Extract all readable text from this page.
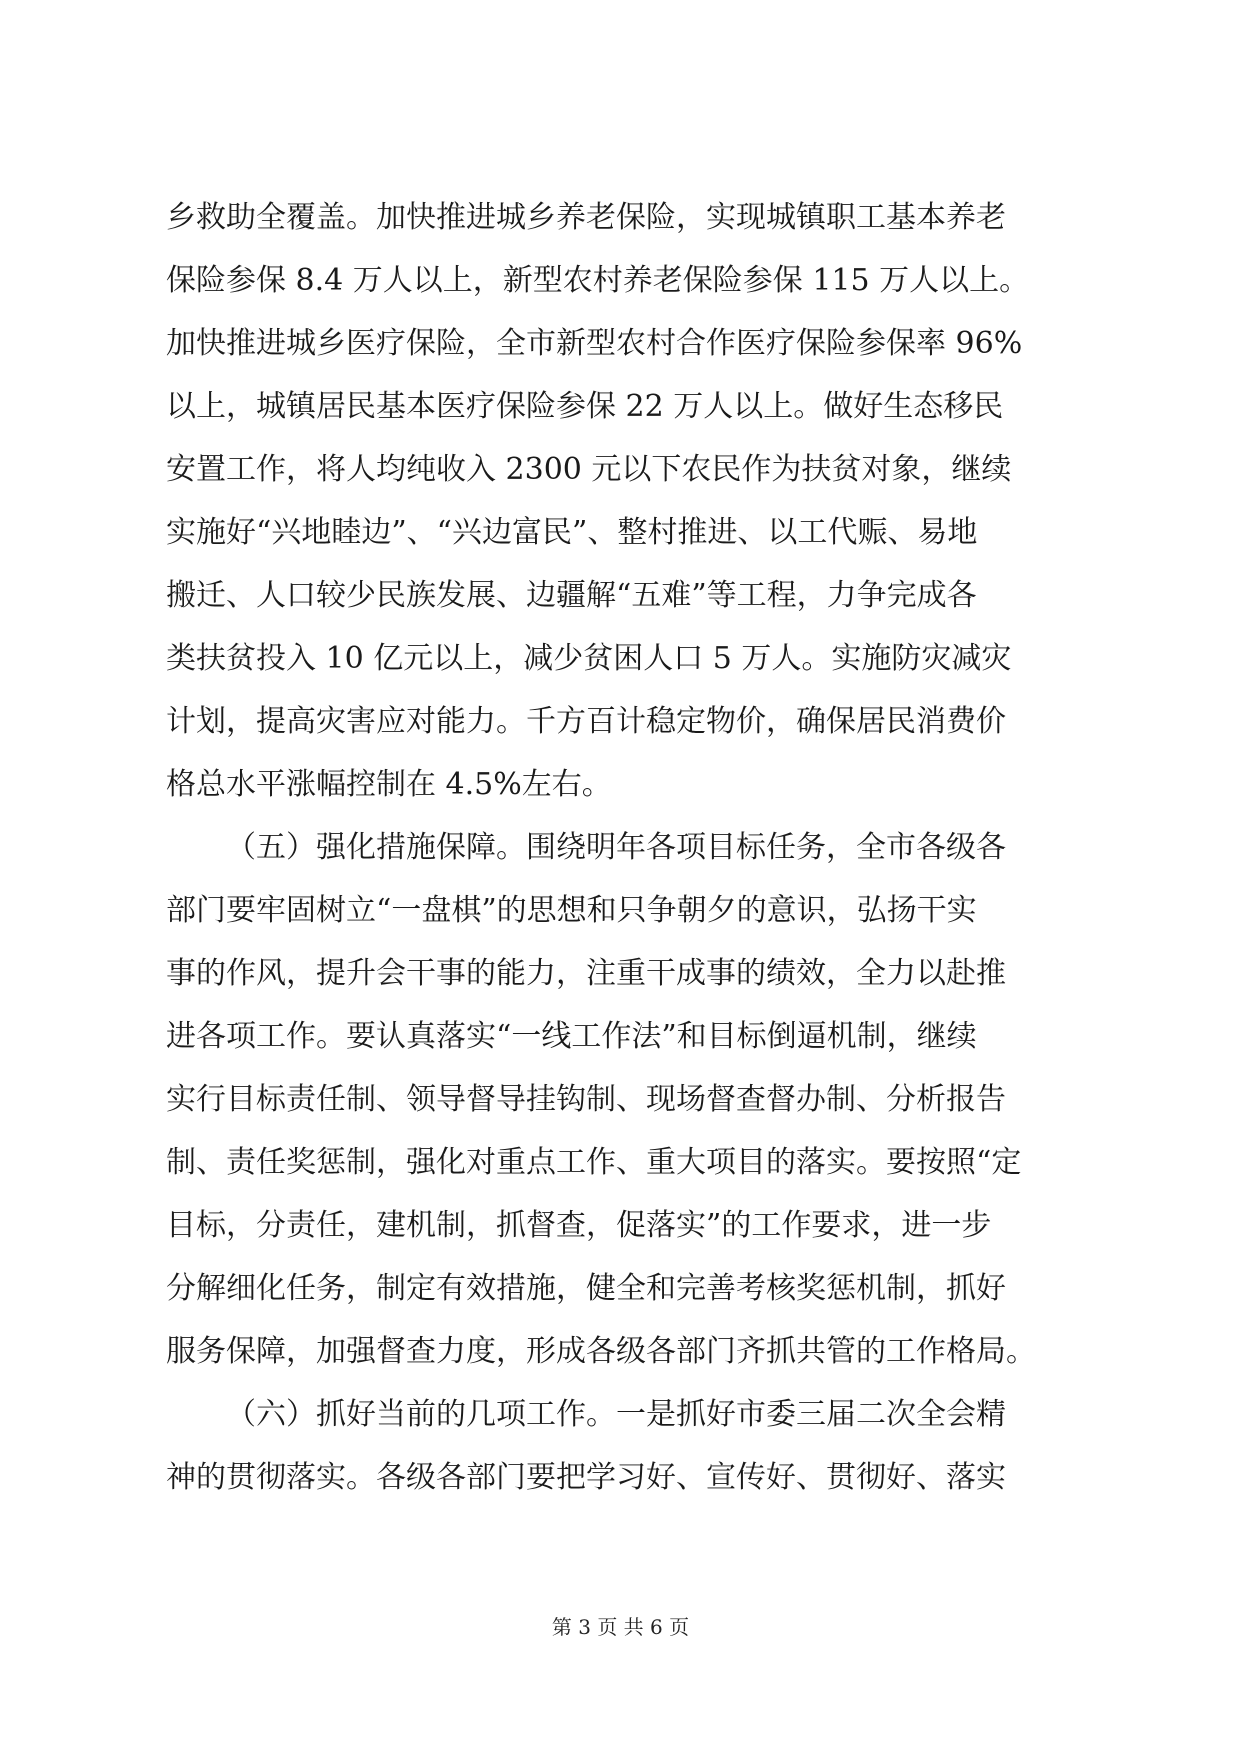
乡救助全覆盖。加快推进城乡养老保险，实现城镇职工基本养老
保险参保 8.4 万人以上，新型农村养老保险参保 115 万人以上。
加快推进城乡医疗保险，全市新型农村合作医疗保险参保率 96%
以上，城镇居民基本医疗保险参保 22 万人以上。做好生态移民
安置工作，将人均纯收入 2300 元以下农民作为扶贫对象，继续
实施好“兴地睦边”、“兴边富民”、整村推进、以工代赈、易地
搬迁、人口较少民族发展、边疆解“五难”等工程，力争完成各
类扶贫投入 10 亿元以上，减少贫困人口 5 万人。实施防灾减灾
计划，提高灾害应对能力。千方百计稳定物价，确保居民消费价
格总水平涨幅控制在 4.5%左右。
（五）强化措施保障。围绕明年各项目标任务，全市各级各
部门要牢固树立“一盘棋”的思想和只争朝夕的意识，弘扬干实
事的作风，提升会干事的能力，注重干成事的绩效，全力以赴推
进各项工作。要认真落实“一线工作法”和目标倒逼机制，继续
实行目标责任制、领导督导挂钩制、现场督查督办制、分析报告
制、责任奖惩制，强化对重点工作、重大项目的落实。要按照“定
目标，分责任，建机制，抓督查，促落实”的工作要求，进一步
分解细化任务，制定有效措施，健全和完善考核奖惩机制，抓好
服务保障，加强督查力度，形成各级各部门齐抓共管的工作格局。
（六）抓好当前的几项工作。一是抓好市委三届二次全会精
神的贯彻落实。各级各部门要把学习好、宣传好、贯彻好、落实
第 3 页 共 6 页
